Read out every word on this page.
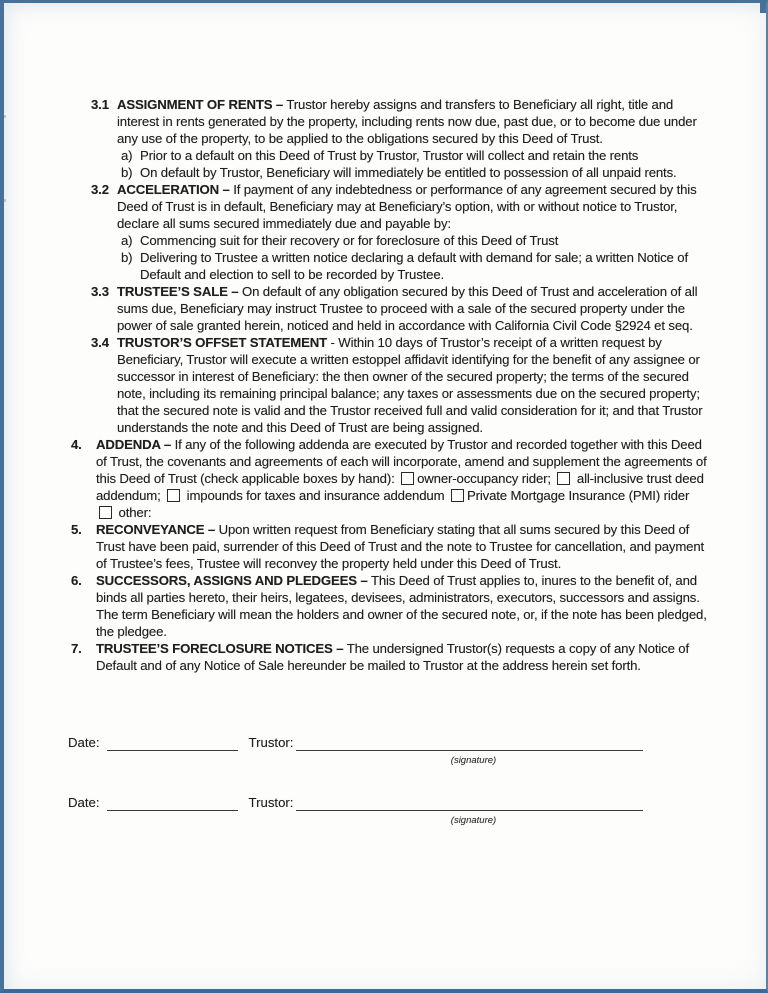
3.1 ASSIGNMENT OF RENTS – Trustor hereby assigns and transfers to Beneficiary all right, title and interest in rents generated by the property, including rents now due, past due, or to become due under any use of the property, to be applied to the obligations secured by this Deed of Trust.
a) Prior to a default on this Deed of Trust by Trustor, Trustor will collect and retain the rents
b) On default by Trustor, Beneficiary will immediately be entitled to possession of all unpaid rents.
3.2 ACCELERATION – If payment of any indebtedness or performance of any agreement secured by this Deed of Trust is in default, Beneficiary may at Beneficiary’s option, with or without notice to Trustor, declare all sums secured immediately due and payable by:
a) Commencing suit for their recovery or for foreclosure of this Deed of Trust
b) Delivering to Trustee a written notice declaring a default with demand for sale; a written Notice of Default and election to sell to be recorded by Trustee.
3.3 TRUSTEE’S SALE – On default of any obligation secured by this Deed of Trust and acceleration of all sums due, Beneficiary may instruct Trustee to proceed with a sale of the secured property under the power of sale granted herein, noticed and held in accordance with California Civil Code §2924 et seq.
3.4 TRUSTOR’S OFFSET STATEMENT - Within 10 days of Trustor’s receipt of a written request by Beneficiary, Trustor will execute a written estoppel affidavit identifying for the benefit of any assignee or successor in interest of Beneficiary: the then owner of the secured property; the terms of the secured note, including its remaining principal balance; any taxes or assessments due on the secured property; that the secured note is valid and the Trustor received full and valid consideration for it; and that Trustor understands the note and this Deed of Trust are being assigned.
4. ADDENDA – If any of the following addenda are executed by Trustor and recorded together with this Deed of Trust, the covenants and agreements of each will incorporate, amend and supplement the agreements of this Deed of Trust (check applicable boxes by hand): owner-occupancy rider; all-inclusive trust deed addendum; impounds for taxes and insurance addendum Private Mortgage Insurance (PMI) rider  other:
5. RECONVEYANCE – Upon written request from Beneficiary stating that all sums secured by this Deed of Trust have been paid, surrender of this Deed of Trust and the note to Trustee for cancellation, and payment of Trustee’s fees, Trustee will reconvey the property held under this Deed of Trust.
6. SUCCESSORS, ASSIGNS AND PLEDGEES – This Deed of Trust applies to, inures to the benefit of, and binds all parties hereto, their heirs, legatees, devisees, administrators, executors, successors and assigns. The term Beneficiary will mean the holders and owner of the secured note, or, if the note has been pledged, the pledgee.
7. TRUSTEE’S FORECLOSURE NOTICES – The undersigned Trustor(s) requests a copy of any Notice of Default and of any Notice of Sale hereunder be mailed to Trustor at the address herein set forth.
Date:	Trustor:
(signature)
Date:	Trustor:
(signature)
